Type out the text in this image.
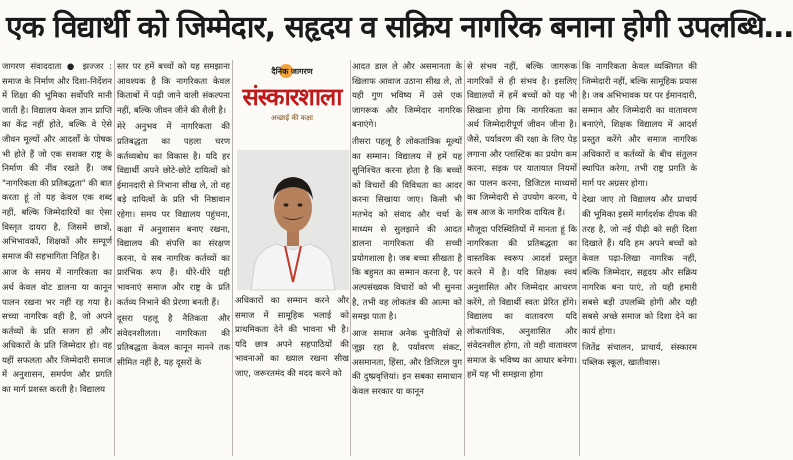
एक विद्यार्थी को जिम्मेदार, सहृदय व सक्रिय नागरिक बनाना होगी उपलब्धि…

जागरण संवाददाता ● झज्जर : समाज के निर्माण और दिशा-निर्देशन में शिक्षा की भूमिका सर्वोपरि मानी जाती है। विद्यालय केवल ज्ञान प्राप्ति का केंद्र नहीं होते, बल्कि वे ऐसे जीवन मूल्यों और आदर्शों के पोषक भी होते हैं जो एक सशक्त राष्ट्र के निर्माण की नींव रखते हैं। जब "नागरिकता की प्रतिबद्धता" की बात करता हूं तो यह केवल एक शब्द नहीं, बल्कि जिम्मेदारियों का ऐसा विस्तृत दायरा है, जिसमें छात्रों, अभिभावकों, शिक्षकों और सम्पूर्ण समाज की सहभागिता निहित है।

आज के समय में नागरिकता का अर्थ केवल वोट डालना या कानून पालन रखना भर नहीं रह गया है। सच्चा नागरिक वही है, जो अपने कर्तव्यों के प्रति सजग हो और अधिकारों के प्रति जिम्मेदार हो। वह यहीं सफलता और जिम्मेदारी समाज में अनुशासन, समर्पण और प्रगति का मार्ग प्रशस्त करती है। विद्यालय

स्तर पर हमें बच्चों को यह समझाना आवश्यक है कि नागरिकता केवल किताबों में पढ़ी जाने वाली संकल्पना नहीं, बल्कि जीवन जीने की शैली है।

मेरे अनुभव में नागरिकता की प्रतिबद्धता का पहला चरण कर्तव्यबोध का विकास है। यदि हर विद्यार्थी अपने छोटे-छोटे दायित्वों को ईमानदारी से निभाना सीख ले, तो वह बड़े दायित्वों के प्रति भी निष्ठावान रहेगा। समय पर विद्यालय पहुंचना, कक्षा में अनुशासन बनाए रखना, विद्यालय की संपत्ति का संरक्षण करना, ये सब नागरिक कर्तव्यों का प्रारंभिक रूप हैं। धीरे-धीरे यही भावनाएं समाज और राष्ट्र के प्रति कर्तव्य निभाने की प्रेरणा बनती हैं।

दूसरा पहलू है नैतिकता और संवेदनशीलता। नागरिकता की प्रतिबद्धता केवल कानून मानने तक सीमित नहीं है, यह दूसरों के

दैनिक जागरण
संस्कारशाला
अच्छाई की कक्षा

अधिकारों का सम्मान करने और समाज में सामूहिक भलाई को प्राथमिकता देने की भावना भी है। यदि छात्र अपने सहपाठियों की भावनाओं का ख्याल रखना सीख जाए, जरूरतमंद की मदद करने को

आदत डाल ले और असमानता के खिलाफ आवाज उठाना सीख ले, तो यही गुण भविष्य में उसे एक जागरूक और जिम्मेदार नागरिक बनाएंगे।

तीसरा पहलू है लोकतांत्रिक मूल्यों का सम्मान। विद्यालय में हमें यह सुनिश्चित करना होता है कि बच्चों को विचारों की विविधता का आदर करना सिखाया जाए। किसी भी मतभेद को संवाद और चर्चा के माध्यम से सुलझाने की आदत डालना नागरिकता की सच्ची प्रयोगशाला है। जब बच्चा सीखता है कि बहुमत का सम्मान करना है, पर अल्पसंख्यक विचारों को भी सुनना है, तभी वह लोकतंत्र की आत्मा को समझ पाता है।

आज समाज अनेक चुनौतियों से जूझ रहा है, पर्यावरण संकट, असमानता, हिंसा, और डिजिटल युग की दुष्प्रवृत्तियां। इन सबका समाधान केवल सरकार या कानून

से संभव नहीं, बल्कि जागरूक नागरिकों से ही संभव है। इसलिए विद्यालयों में हमें बच्चों को यह भी सिखाना होगा कि नागरिकता का अर्थ जिम्मेदारीपूर्ण जीवन जीना है। जैसे, पर्यावरण की रक्षा के लिए पेड़ लगाना और प्लास्टिक का प्रयोग कम करना, सड़क पर यातायात नियमों का पालन करना, डिजिटल माध्यमों का जिम्मेदारी से उपयोग करना, ये सब आज के नागरिक दायित्व हैं।

मौजूदा परिस्थितियों में मानता हूं कि नागरिकता की प्रतिबद्धता का वास्तविक स्वरूप आदर्श प्रस्तुत करने में है। यदि शिक्षक स्वयं अनुशासित और जिम्मेदार आचरण करेंगे, तो विद्यार्थी स्वतः प्रेरित होंगे। विद्यालय का वातावरण यदि लोकतांत्रिक, अनुशासित और संवेदनशील होगा, तो वही वातावरण समाज के भविष्य का आधार बनेगा। हमें यह भी समझना होगा

कि नागरिकता केवल व्यक्तिगत की जिम्मेदारी नहीं, बल्कि सामूहिक प्रयास है। जब अभिभावक घर पर ईमानदारी, सम्मान और जिम्मेदारी का वातावरण बनाएंगे, शिक्षक विद्यालय में आदर्श प्रस्तुत करेंगे और समाज नागरिक अधिकारों व कर्तव्यों के बीच संतुलन स्थापित करेगा, तभी राष्ट्र प्रगति के मार्ग पर अग्रसर होगा।

देखा जाए तो विद्यालय और प्राचार्य की भूमिका इसमें मार्गदर्शक दीपक की तरह है, जो नई पीढ़ी को सही दिशा दिखाते हैं। यदि हम अपने बच्चों को केवल पढ़ा-लिखा नागरिक नहीं, बल्कि जिम्मेदार, सहृदय और सक्रिय नागरिक बना पाएं, तो यही हमारी सबसे बड़ी उपलब्धि होगी और यही सबसे अच्छे समाज को दिशा देने का कार्य होगा।

जितेंद्र संचालन, प्राचार्य, संस्कारम पब्लिक स्कूल, खातीवास।
